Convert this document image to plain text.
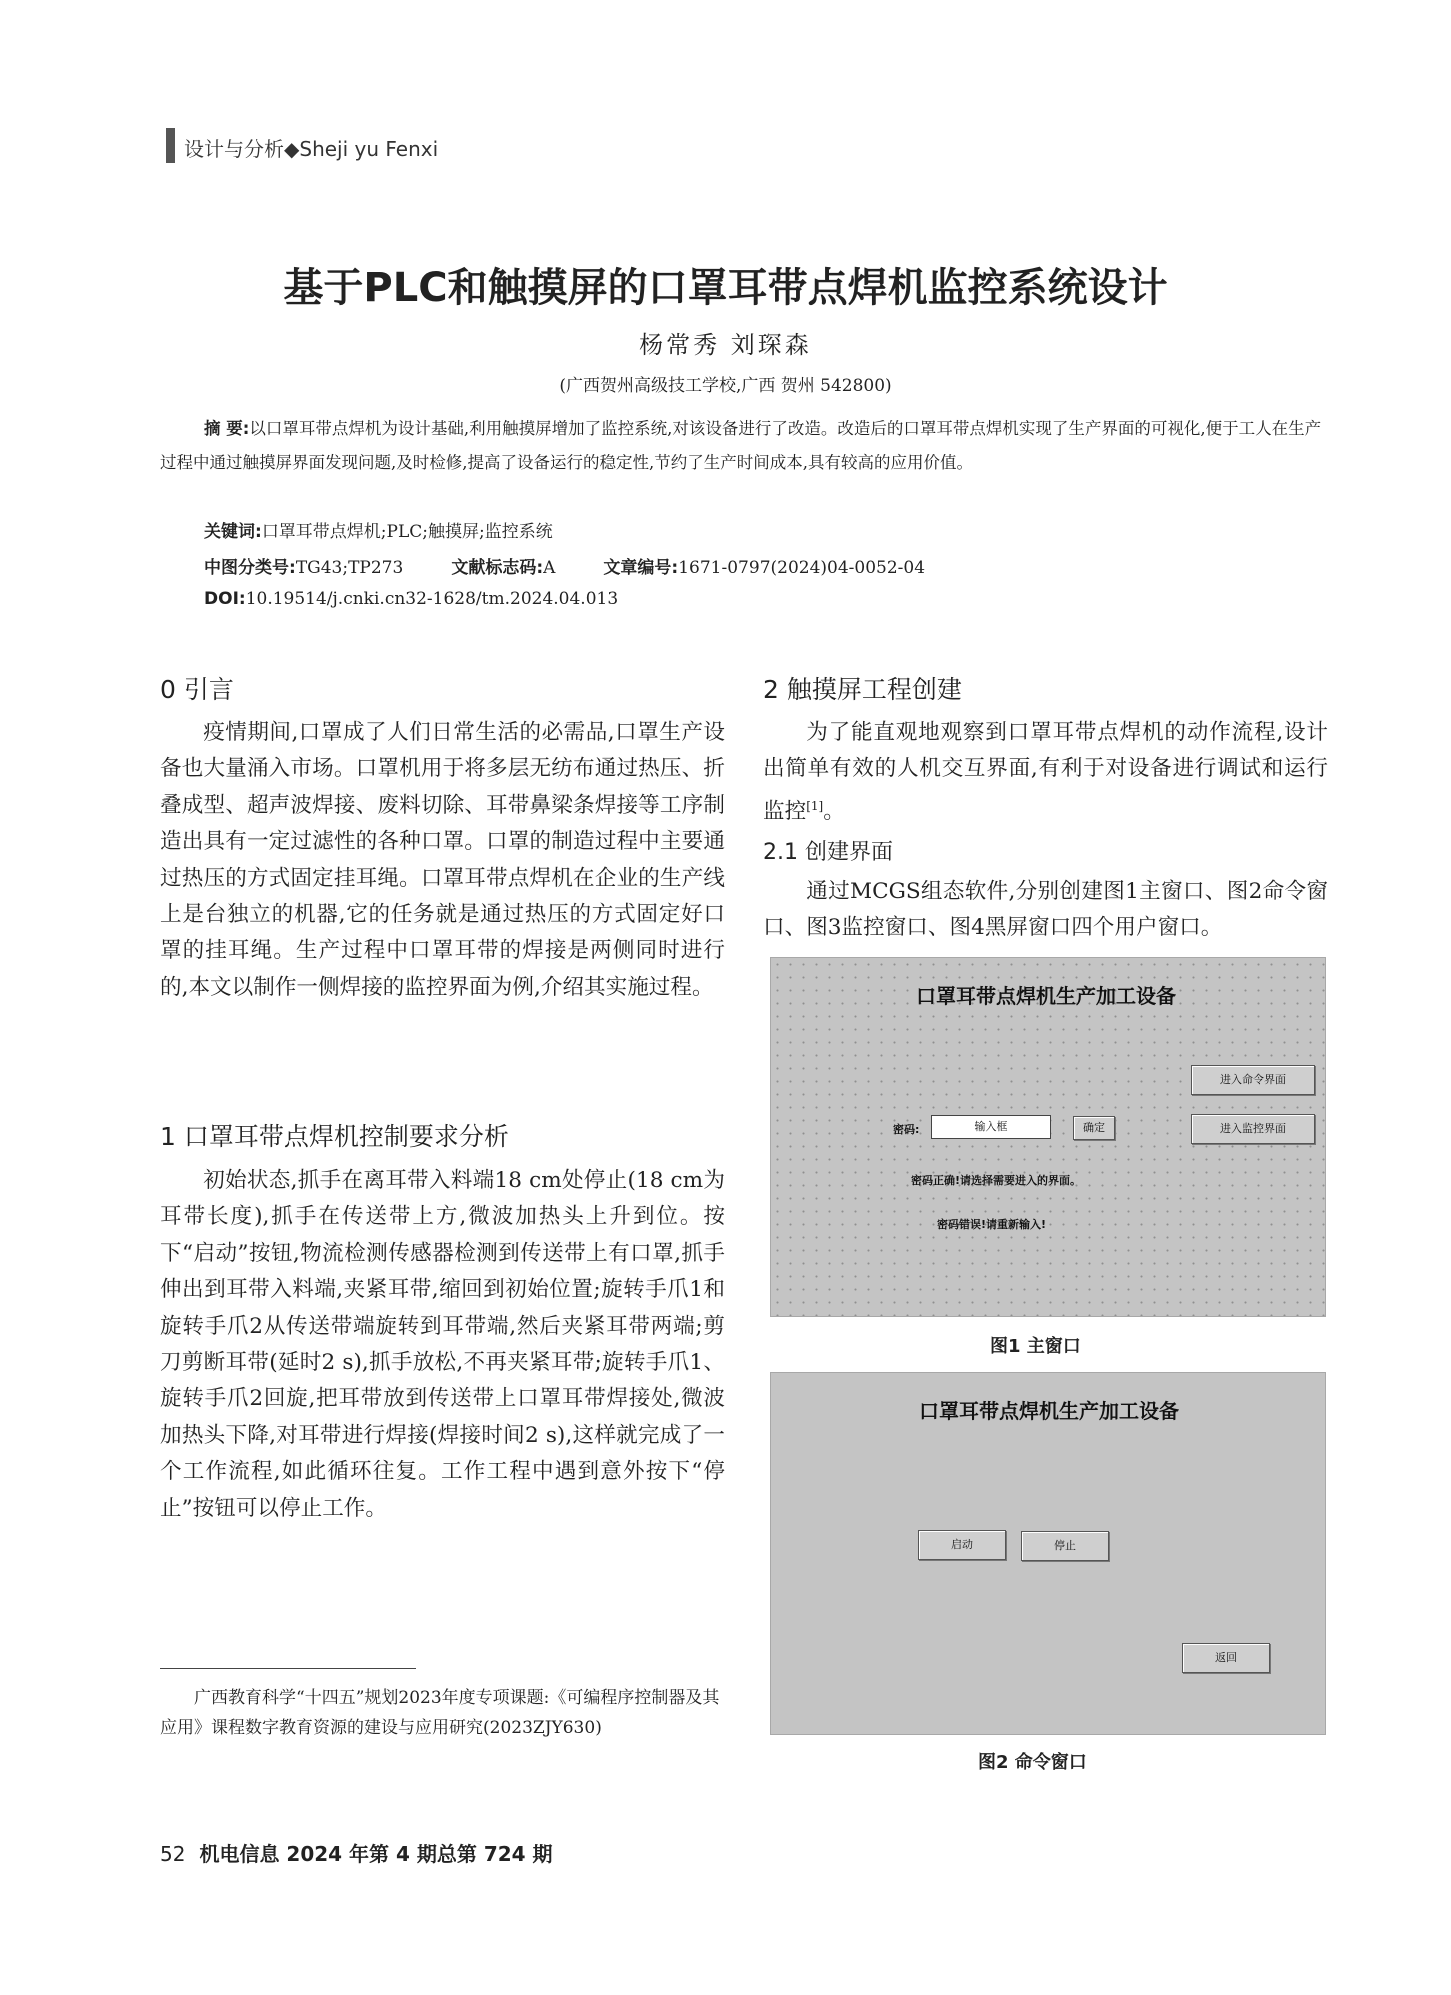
设计与分析◆Sheji yu Fenxi
基于PLC和触摸屏的口罩耳带点焊机监控系统设计
杨常秀 刘琛森
(广西贺州高级技工学校,广西 贺州 542800)
摘 要:以口罩耳带点焊机为设计基础,利用触摸屏增加了监控系统,对该设备进行了改造。改造后的口罩耳带点焊机实现了生产界面的可视化,便于工人在生产过程中通过触摸屏界面发现问题,及时检修,提高了设备运行的稳定性,节约了生产时间成本,具有较高的应用价值。
关键词:口罩耳带点焊机;PLC;触摸屏;监控系统
中图分类号:TG43;TP273	文献标志码:A	文章编号:1671-0797(2024)04-0052-04
DOI:10.19514/j.cnki.cn32-1628/tm.2024.04.013
0 引言
疫情期间,口罩成了人们日常生活的必需品,口罩生产设备也大量涌入市场。口罩机用于将多层无纺布通过热压、折叠成型、超声波焊接、废料切除、耳带鼻梁条焊接等工序制造出具有一定过滤性的各种口罩。口罩的制造过程中主要通过热压的方式固定挂耳绳。口罩耳带点焊机在企业的生产线上是台独立的机器,它的任务就是通过热压的方式固定好口罩的挂耳绳。生产过程中口罩耳带的焊接是两侧同时进行的,本文以制作一侧焊接的监控界面为例,介绍其实施过程。
1 口罩耳带点焊机控制要求分析
初始状态,抓手在离耳带入料端18 cm处停止(18 cm为耳带长度),抓手在传送带上方,微波加热头上升到位。按下“启动”按钮,物流检测传感器检测到传送带上有口罩,抓手伸出到耳带入料端,夹紧耳带,缩回到初始位置;旋转手爪1和旋转手爪2从传送带端旋转到耳带端,然后夹紧耳带两端;剪刀剪断耳带(延时2 s),抓手放松,不再夹紧耳带;旋转手爪1、旋转手爪2回旋,把耳带放到传送带上口罩耳带焊接处,微波加热头下降,对耳带进行焊接(焊接时间2 s),这样就完成了一个工作流程,如此循环往复。工作工程中遇到意外按下“停止”按钮可以停止工作。
2 触摸屏工程创建
为了能直观地观察到口罩耳带点焊机的动作流程,设计出简单有效的人机交互界面,有利于对设备进行调试和运行监控[1]。
2.1 创建界面
通过MCGS组态软件,分别创建图1主窗口、图2命令窗口、图3监控窗口、图4黑屏窗口四个用户窗口。
口罩耳带点焊机生产加工设备
进入命令界面
密码:	输入框	确定	进入监控界面
密码正确!请选择需要进入的界面。
密码错误!请重新输入!
图1 主窗口
口罩耳带点焊机生产加工设备
启动	停止
返回
图2 命令窗口
广西教育科学“十四五”规划2023年度专项课题:《可编程序控制器及其应用》课程数字教育资源的建设与应用研究(2023ZJY630)
52 机电信息 2024 年第 4 期总第 724 期
